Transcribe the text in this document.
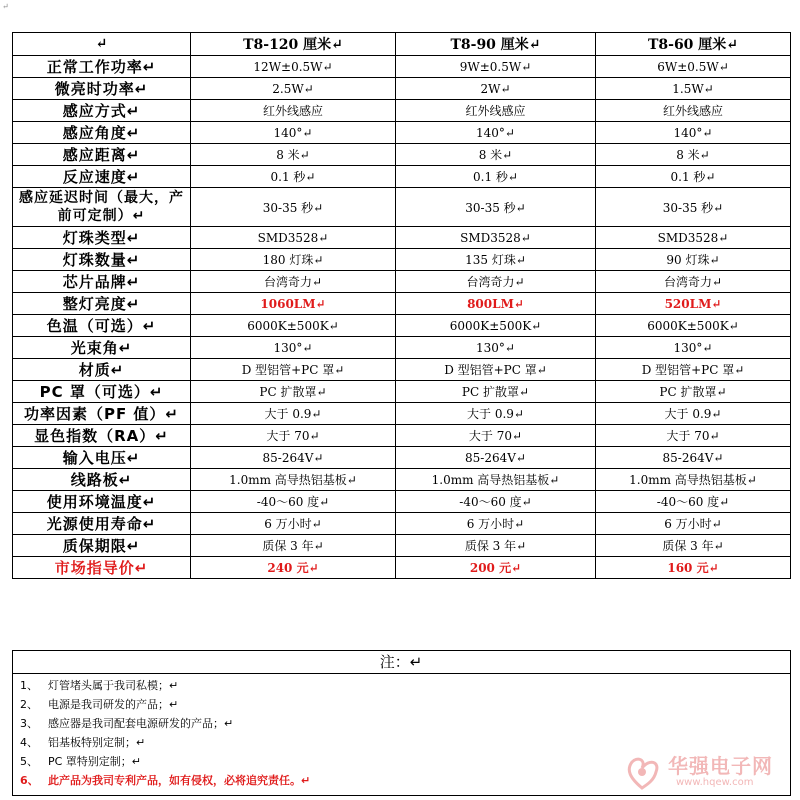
↵
↵	T8-120 厘米↵	T8-90 厘米↵	T8-60 厘米↵
正常工作功率↵	12W±0.5W↵	9W±0.5W↵	6W±0.5W↵
微亮时功率↵	2.5W↵	2W↵	1.5W↵
感应方式↵	红外线感应	红外线感应	红外线感应
感应角度↵	140°↵	140°↵	140°↵
感应距离↵	8 米↵	8 米↵	8 米↵
反应速度↵	0.1 秒↵	0.1 秒↵	0.1 秒↵
感应延迟时间（最大，产前可定制）↵	30-35 秒↵	30-35 秒↵	30-35 秒↵
灯珠类型↵	SMD3528↵	SMD3528↵	SMD3528↵
灯珠数量↵	180 灯珠↵	135 灯珠↵	90 灯珠↵
芯片品牌↵	台湾奇力↵	台湾奇力↵	台湾奇力↵
整灯亮度↵	1060LM↵	800LM↵	520LM↵
色温（可选）↵	6000K±500K↵	6000K±500K↵	6000K±500K↵
光束角↵	130°↵	130°↵	130°↵
材质↵	D 型铝管+PC 罩↵	D 型铝管+PC 罩↵	D 型铝管+PC 罩↵
PC 罩（可选）↵	PC 扩散罩↵	PC 扩散罩↵	PC 扩散罩↵
功率因素（PF 值）↵	大于 0.9↵	大于 0.9↵	大于 0.9↵
显色指数（RA）↵	大于 70↵	大于 70↵	大于 70↵
输入电压↵	85-264V↵	85-264V↵	85-264V↵
线路板↵	1.0mm 高导热铝基板↵	1.0mm 高导热铝基板↵	1.0mm 高导热铝基板↵
使用环境温度↵	-40～60 度↵	-40～60 度↵	-40～60 度↵
光源使用寿命↵	6 万小时↵	6 万小时↵	6 万小时↵
质保期限↵	质保 3 年↵	质保 3 年↵	质保 3 年↵
市场指导价↵	240 元↵	200 元↵	160 元↵
注：↵
1、 灯管堵头属于我司私模；↵
2、 电源是我司研发的产品；↵
3、 感应器是我司配套电源研发的产品；↵
4、 铝基板特别定制；↵
5、 PC 罩特别定制；↵
6、 此产品为我司专利产品，如有侵权，必将追究责任。↵
华强电子网
www.hqew.com
